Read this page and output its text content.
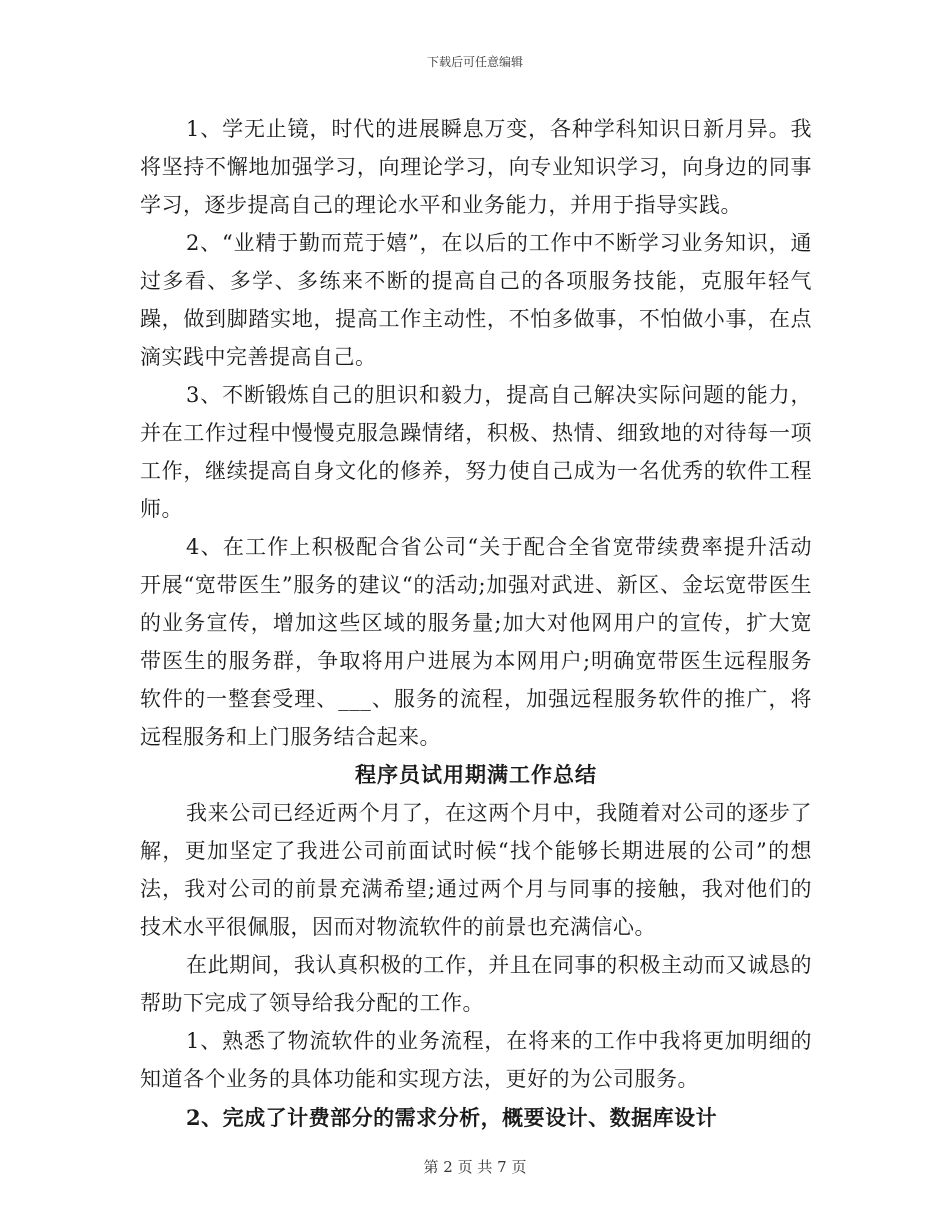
下载后可任意编辑

1、学无止镜，时代的进展瞬息万变，各种学科知识日新月异。我将坚持不懈地加强学习，向理论学习，向专业知识学习，向身边的同事学习，逐步提高自己的理论水平和业务能力，并用于指导实践。

2、“业精于勤而荒于嬉”，在以后的工作中不断学习业务知识，通过多看、多学、多练来不断的提高自己的各项服务技能，克服年轻气躁，做到脚踏实地，提高工作主动性，不怕多做事，不怕做小事，在点滴实践中完善提高自己。

3、不断锻炼自己的胆识和毅力，提高自己解决实际问题的能力，并在工作过程中慢慢克服急躁情绪，积极、热情、细致地的对待每一项工作，继续提高自身文化的修养，努力使自己成为一名优秀的软件工程师。

4、在工作上积极配合省公司“关于配合全省宽带续费率提升活动开展“宽带医生”服务的建议“的活动;加强对武进、新区、金坛宽带医生的业务宣传，增加这些区域的服务量;加大对他网用户的宣传，扩大宽带医生的服务群，争取将用户进展为本网用户;明确宽带医生远程服务软件的一整套受理、___、服务的流程，加强远程服务软件的推广，将远程服务和上门服务结合起来。

程序员试用期满工作总结

我来公司已经近两个月了，在这两个月中，我随着对公司的逐步了解，更加坚定了我进公司前面试时候“找个能够长期进展的公司”的想法，我对公司的前景充满希望;通过两个月与同事的接触，我对他们的技术水平很佩服，因而对物流软件的前景也充满信心。

在此期间，我认真积极的工作，并且在同事的积极主动而又诚恳的帮助下完成了领导给我分配的工作。

1、熟悉了物流软件的业务流程，在将来的工作中我将更加明细的知道各个业务的具体功能和实现方法，更好的为公司服务。

2、完成了计费部分的需求分析，概要设计、数据库设计

第 2 页 共 7 页
